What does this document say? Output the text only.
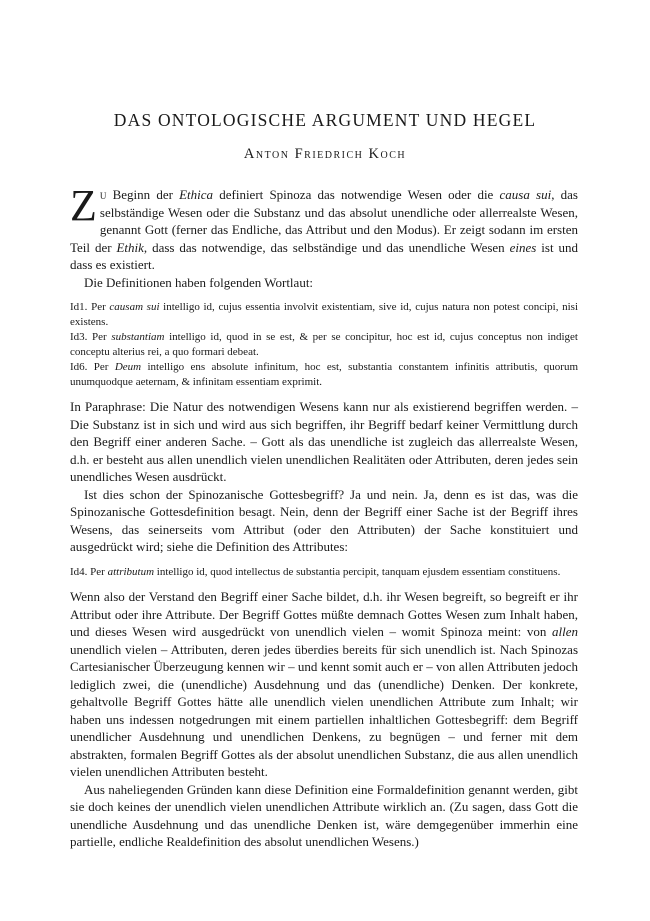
DAS ONTOLOGISCHE ARGUMENT UND HEGEL
Anton Friedrich Koch

Zu Beginn der Ethica definiert Spinoza das notwendige Wesen oder die causa sui, das selbständige Wesen oder die Substanz und das absolut unendliche oder allerrealste Wesen, genannt Gott (ferner das Endliche, das Attribut und den Modus). Er zeigt sodann im ersten Teil der Ethik, dass das notwendige, das selbständige und das unendliche Wesen eines ist und dass es existiert.

Die Definitionen haben folgenden Wortlaut:

Id1. Per causam sui intelligo id, cujus essentia involvit existentiam, sive id, cujus natura non potest concipi, nisi existens.

Id3. Per substantiam intelligo id, quod in se est, & per se concipitur, hoc est id, cujus conceptus non indiget conceptu alterius rei, a quo formari debeat.

Id6. Per Deum intelligo ens absolute infinitum, hoc est, substantia constantem infinitis attributis, quorum unumquodque aeternam, & infinitam essentiam exprimit.

In Paraphrase: Die Natur des notwendigen Wesens kann nur als existierend begriffen werden. – Die Substanz ist in sich und wird aus sich begriffen, ihr Begriff bedarf keiner Vermittlung durch den Begriff einer anderen Sache. – Gott als das unendliche ist zugleich das allerrealste Wesen, d.h. er besteht aus allen unendlich vielen unendlichen Realitäten oder Attributen, deren jedes sein unendliches Wesen ausdrückt.

Ist dies schon der Spinozanische Gottesbegriff? Ja und nein. Ja, denn es ist das, was die Spinozanische Gottesdefinition besagt. Nein, denn der Begriff einer Sache ist der Begriff ihres Wesens, das seinerseits vom Attribut (oder den Attributen) der Sache konstituiert und ausgedrückt wird; siehe die Definition des Attributes:

Id4. Per attributum intelligo id, quod intellectus de substantia percipit, tanquam ejusdem essentiam constituens.

Wenn also der Verstand den Begriff einer Sache bildet, d.h. ihr Wesen begreift, so begreift er ihr Attribut oder ihre Attribute. Der Begriff Gottes müßte demnach Gottes Wesen zum Inhalt haben, und dieses Wesen wird ausgedrückt von unendlich vielen – womit Spinoza meint: von allen unendlich vielen – Attributen, deren jedes überdies bereits für sich unendlich ist. Nach Spinozas Cartesianischer Überzeugung kennen wir – und kennt somit auch er – von allen Attributen jedoch lediglich zwei, die (unendliche) Ausdehnung und das (unendliche) Denken. Der konkrete, gehaltvolle Begriff Gottes hätte alle unendlich vielen unendlichen Attribute zum Inhalt; wir haben uns indessen notgedrungen mit einem partiellen inhaltlichen Gottesbegriff: dem Begriff unendlicher Ausdehnung und unendlichen Denkens, zu begnügen – und ferner mit dem abstrakten, formalen Begriff Gottes als der absolut unendlichen Substanz, die aus allen unendlich vielen unendlichen Attributen besteht.

Aus naheliegenden Gründen kann diese Definition eine Formaldefinition genannt werden, gibt sie doch keines der unendlich vielen unendlichen Attribute wirklich an. (Zu sagen, dass Gott die unendliche Ausdehnung und das unendliche Denken ist, wäre demgegenüber immerhin eine partielle, endliche Realdefinition des absolut unendlichen Wesens.)
